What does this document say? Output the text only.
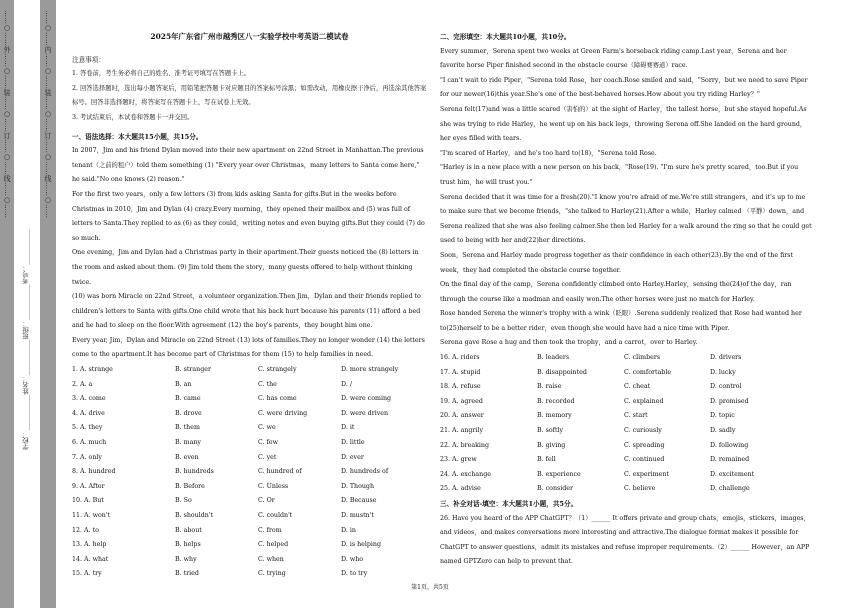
……○……外……○……装……○……订……○……线……○……
学校：___________姓名：___________班级：___________考号：___________
……○……内……○……装……○……订……○……线……○……	2025年广东省广州市越秀区八一实验学校中考英语二模试卷

注意事项：

1. 答卷前，考生务必将自己的姓名、准考证号填写在答题卡上。

2. 回答选择题时，选出每小题答案后，用铅笔把答题卡对应题目的答案标号涂黑；如需改动，用橡皮擦干净后，再选涂其他答案标号。回答非选择题时，将答案写在答题卡上，写在试卷上无效。

3. 考试结束后，本试卷和答题卡一并交回。

一、语法选择：本大题共15小题，共15分。

In 2007，Jim and his friend Dylan moved into their new apartment on 22nd Street in Manhattan.The previous tenant（之前的租户）told them something (1) "Every year over Christmas，many letters to Santa come here," he said."No one knows (2) reason."

For the first two years，only a few letters (3) from kids asking Santa for gifts.But in the weeks before Christmas in 2010，Jim and Dylan (4) crazy.Every morning，they opened their mailbox and (5) was full of letters to Santa.They replied to as (6) as they could，writing notes and even buying gifts.But they could (7) do so much.

One evening，Jim and Dylan had a Christmas party in their apartment.Their guests noticed the (8) letters in the room and asked about them. (9) Jim told them the story，many guests offered to help without thinking twice.

(10) was born Miracle on 22nd Street，a volunteer organization.Then Jim，Dylan and their friends replied to children's letters to Santa with gifts.One child wrote that his back hurt because his parents (11) afford a bed and he had to sleep on the floor.With agreement (12) the boy's parents，they bought him one.

Every year, Jim，Dylan and Miracle on 22nd Street (13) lots of families.They no longer wonder (14) the letters come to the apartment.It has become part of Christmas for them (15) to help families in need.

1. A. strange	B. stranger	C. strangely	D. more strangely
2. A. a	B. an	C. the	D. /
3. A. come	B. came	C. has come	D. were coming
4. A. drive	B. drove	C. were driving	D. were driven
5. A. they	B. them	C. we	D. it
6. A. much	B. many	C. few	D. little
7. A. only	B. even	C. yet	D. ever
8. A. hundred	B. hundreds	C. hundred of	D. hundreds of
9. A. After	B. Before	C. Unless	D. Though
10. A. But	B. So	C. Or	D. Because
11. A. won't	B. shouldn't	C. couldn't	D. mustn't
12. A. to	B. about	C. from	D. in
13. A. help	B. helps	C. helped	D. is helping
14. A. what	B. why	C. when	D. who
15. A. try	B. tried	C. trying	D. to try

二、完形填空：本大题共10小题，共10分。

Every summer，Serena spent two weeks at Green Farm's horseback riding camp.Last year，Serena and her favorite horse Piper finished second in the obstacle course（障碍赛赛道）race.

"I can't wait to ride Piper，"Serena told Rose，her coach.Rose smiled and said，"Sorry，but we need to save Piper for our newer(16)this year.She's one of the best-behaved horses.How about you try riding Harley？"

Serena felt(17)and was a little scared（害怕的）at the sight of Harley，the tallest horse，but she stayed hopeful.As she was trying to ride Harley，he went up on his back legs，throwing Serena off.She landed on the hard ground，her eyes filled with tears.

"I'm scared of Harley，and he's too hard to(18)，"Serena told Rose.

"Harley is in a new place with a new person on his back，"Rose(19). "I'm sure he's pretty scared，too.But if you trust him，he will trust you."

Serena decided that it was time for a fresh(20)."I know you're afraid of me.We're still strangers，and it's up to me to make sure that we become friends，"she talked to Harley(21).After a while，Harley calmed （平静）down，and Serena realized that she was also feeling calmer.She then led Harley for a walk around the ring so that he could get used to being with her and(22)her directions.

Soon，Serena and Harley made progress together as their confidence in each other(23).By the end of the first week，they had completed the obstacle course together.

On the final day of the camp，Serena confidently climbed onto Harley.Harley，sensing the(24)of the day，ran through the course like a madman and easily won.The other horses were just no match for Harley.

Rose handed Serena the winner's trophy with a wink（眨眼）.Serena suddenly realized that Rose had wanted her to(25)herself to be a better rider，even though she would have had a nice time with Piper.

Serena gave Rose a hug and then took the trophy，and a carrot，over to Harley.

16. A. riders	B. leaders	C. climbers	D. drivers
17. A. stupid	B. disappointed	C. comfortable	D. lucky
18. A. refuse	B. raise	C. cheat	D. control
19. A. agreed	B. recorded	C. explained	D. promised
20. A. answer	B. memory	C. start	D. topic
21. A. angrily	B. softly	C. curiously	D. sadly
22. A. breaking	B. giving	C. spreading	D. following
23. A. grew	B. fell	C. continued	D. remained
24. A. exchange	B. experience	C. experiment	D. excitement
25. A. advise	B. consider	C. believe	D. challenge

三、补全对话-填空：本大题共1小题，共5分。

26. Have you heard of the APP ChatGPT？（1）______ It offers private and group chats，emojis，stickers，images，and videos，and makes conversations more interesting and attractive.The dialogue format makes it possible for ChatGPT to answer questions，admit its mistakes and refuse improper requirements.（2）______ However，an APP named GPTZero can help to prevent that.

第1页，共5页
